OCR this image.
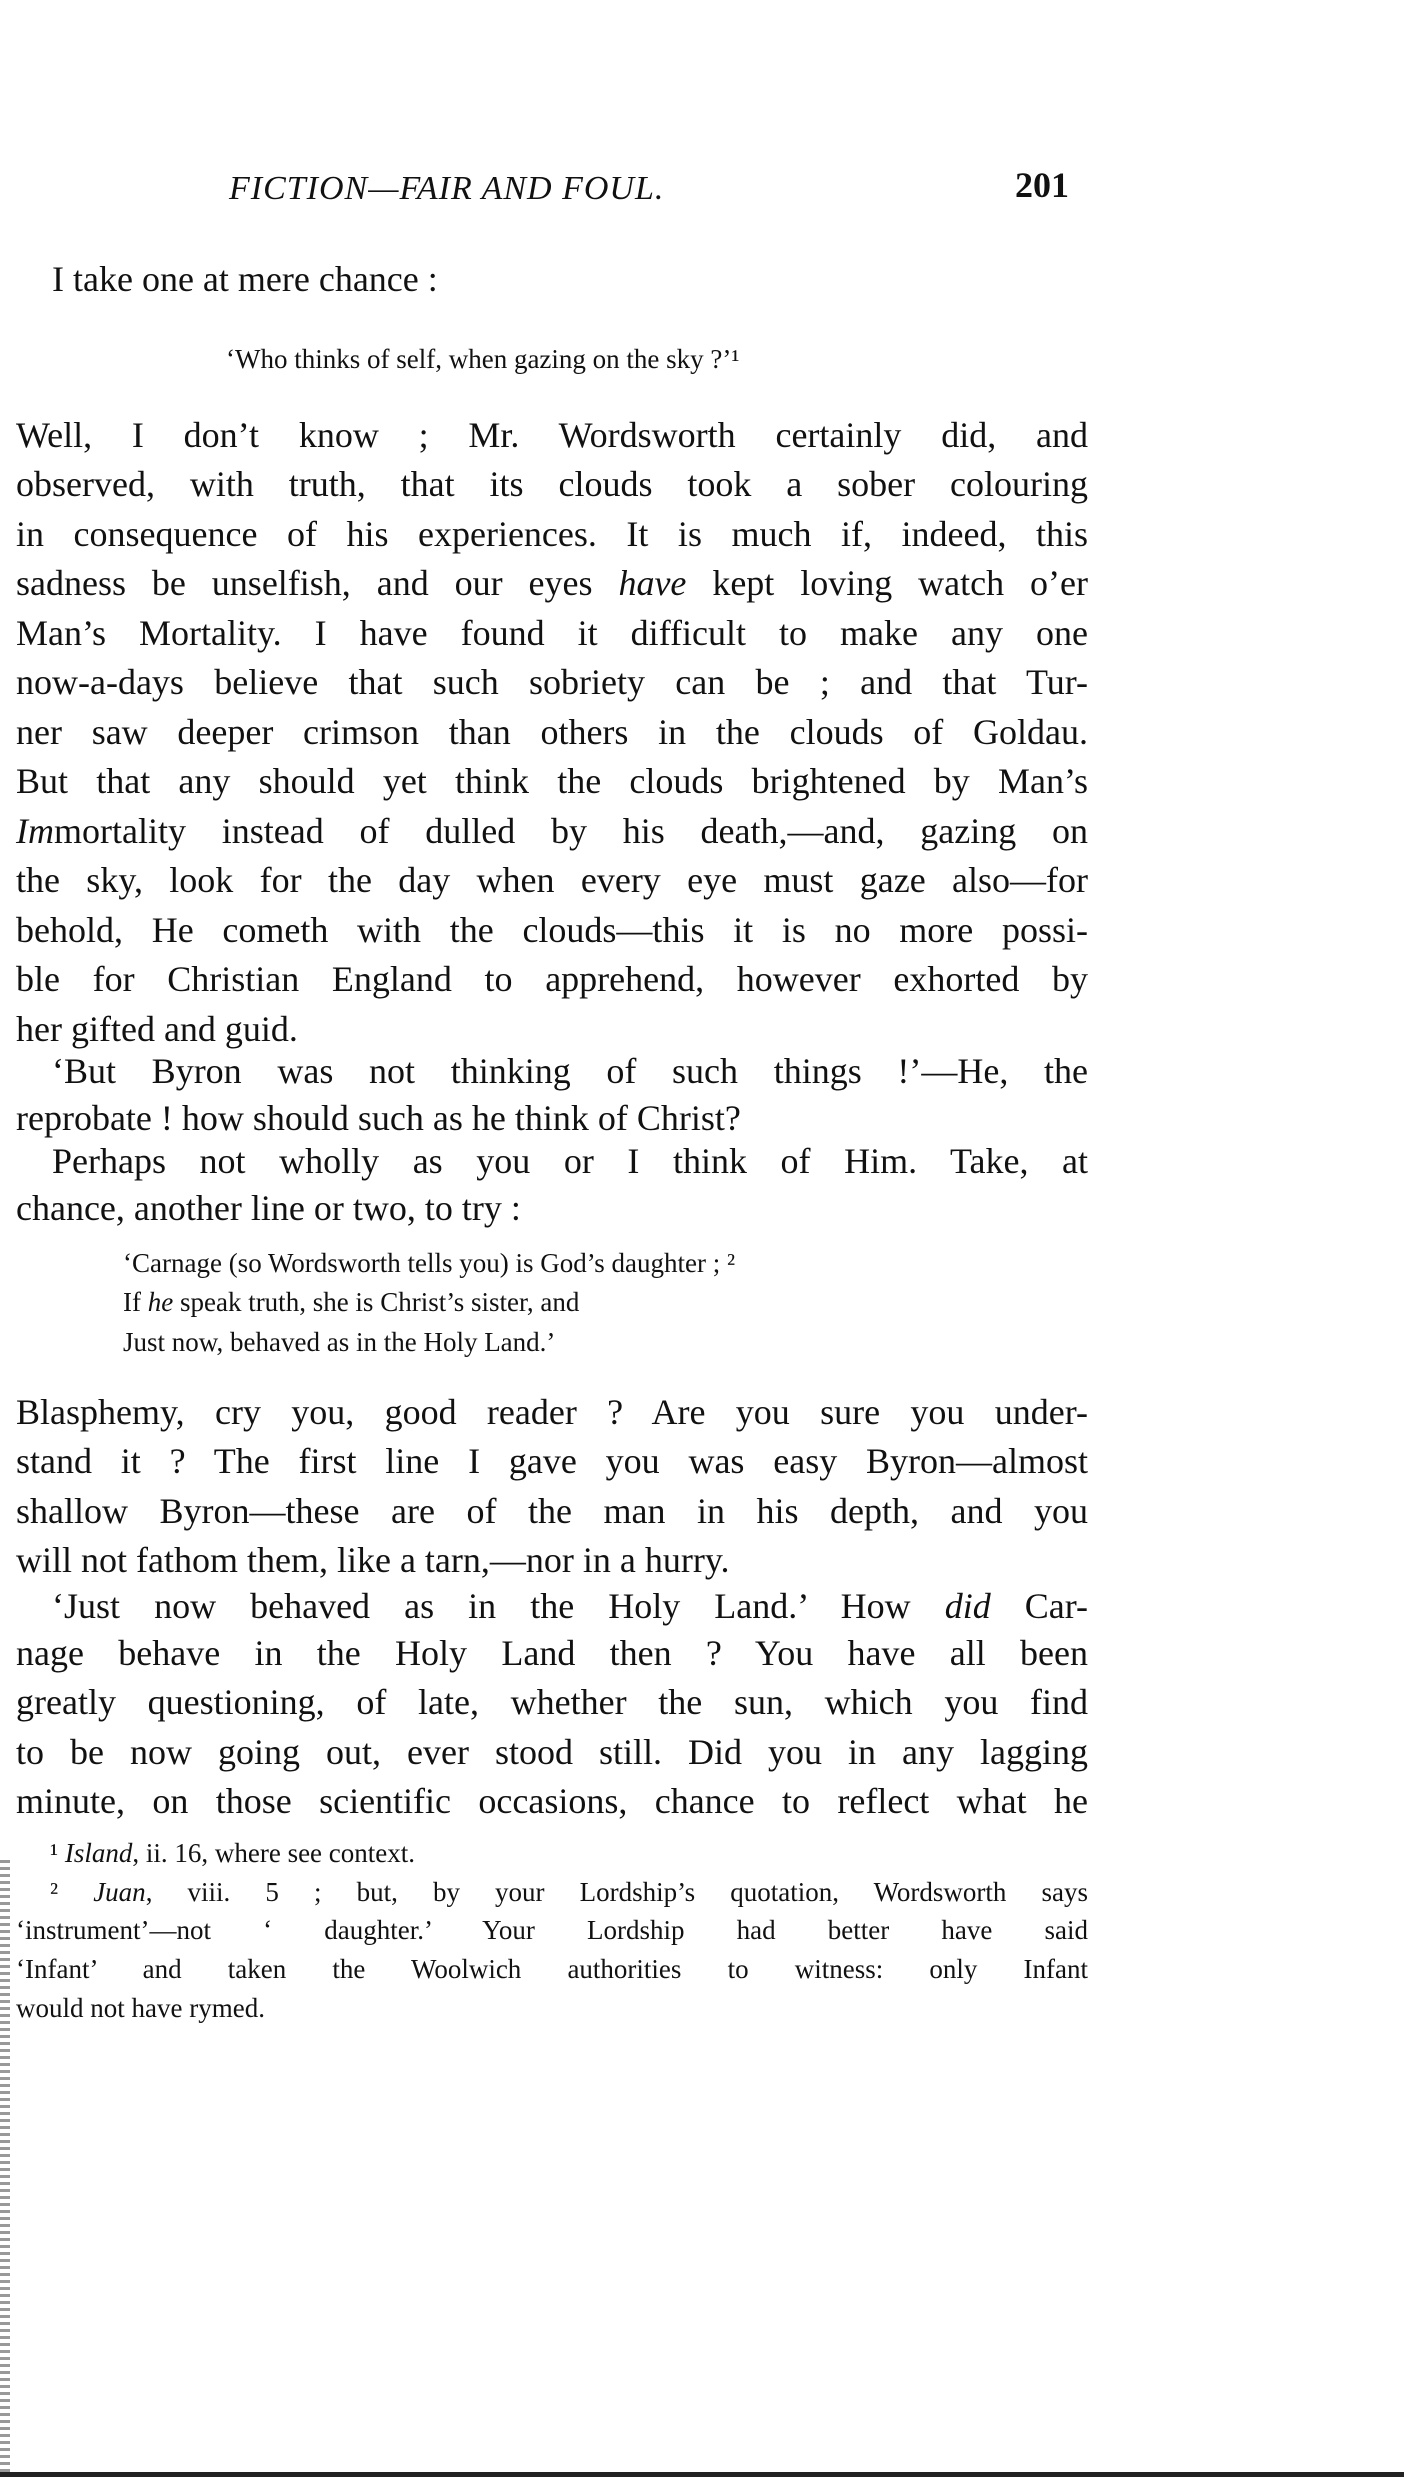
FICTION—FAIR AND FOUL.	201
I take one at mere chance :
‘Who thinks of self, when gazing on the sky ?’¹
Well, I don’t know ; Mr. Wordsworth certainly did, and
observed, with truth, that its clouds took a sober colouring
in consequence of his experiences. It is much if, indeed, this
sadness be unselfish, and our eyes have kept loving watch o’er
Man’s Mortality. I have found it difficult to make any one
now-a-days believe that such sobriety can be ; and that Tur-
ner saw deeper crimson than others in the clouds of Goldau.
But that any should yet think the clouds brightened by Man’s
Immortality instead of dulled by his death,—and, gazing on
the sky, look for the day when every eye must gaze also—for
behold, He cometh with the clouds—this it is no more possi-
ble for Christian England to apprehend, however exhorted by
her gifted and guid.
‘But Byron was not thinking of such things !’—He, the
reprobate ! how should such as he think of Christ?
Perhaps not wholly as you or I think of Him. Take, at
chance, another line or two, to try :
‘Carnage (so Wordsworth tells you) is God’s daughter ; ²
If he speak truth, she is Christ’s sister, and
Just now, behaved as in the Holy Land.’
Blasphemy, cry you, good reader ? Are you sure you under-
stand it ? The first line I gave you was easy Byron—almost
shallow Byron—these are of the man in his depth, and you
will not fathom them, like a tarn,—nor in a hurry.
‘Just now behaved as in the Holy Land.’ How did Car-
nage behave in the Holy Land then ? You have all been
greatly questioning, of late, whether the sun, which you find
to be now going out, ever stood still. Did you in any lagging
minute, on those scientific occasions, chance to reflect what he
¹ Island, ii. 16, where see context.
² Juan, viii. 5 ; but, by your Lordship’s quotation, Wordsworth says
‘instrument’—not ‘ daughter.’ Your Lordship had better have said
‘Infant’ and taken the Woolwich authorities to witness: only Infant
would not have rymed.
